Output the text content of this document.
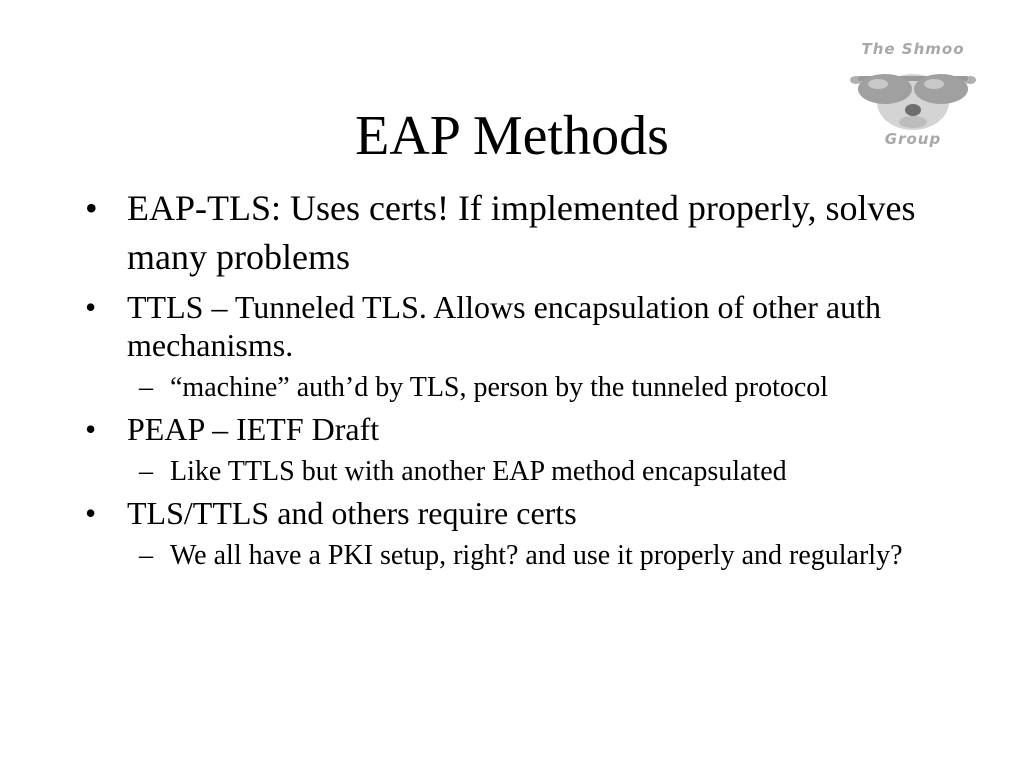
The Shmoo
Group
EAP Methods
• EAP-TLS: Uses certs! If implemented properly, solves many problems
• TTLS – Tunneled TLS. Allows encapsulation of other auth mechanisms.
– “machine” auth’d by TLS, person by the tunneled protocol
• PEAP – IETF Draft
– Like TTLS but with another EAP method encapsulated
• TLS/TTLS and others require certs
– We all have a PKI setup, right? and use it properly and regularly?
